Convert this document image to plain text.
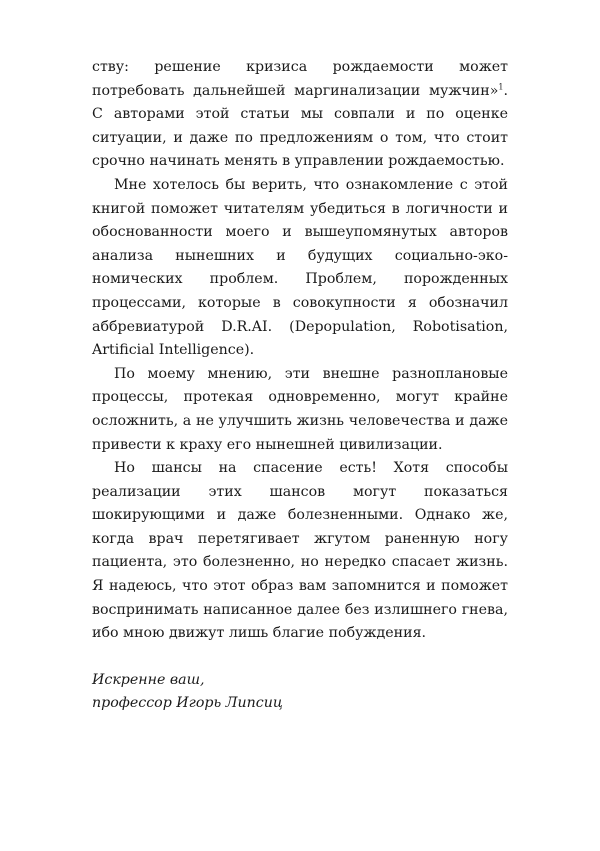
ству: решение кризиса рождаемости может потребовать дальнейшей маргинализации мужчин»$^1$. С авторами этой статьи мы совпали и по оценке ситуации, и даже по предложениям о том, что стоит срочно начинать менять в управлении рождаемостью.

Мне хотелось бы верить, что ознакомление с этой книгой поможет читателям убедиться в логичности и обоснованности моего и вышеупомянутых авторов анализа нынешних и будущих социально-экономических проблем. Проблем, порожденных процессами, которые в совокупности я обозначил аббревиатурой D.R.AI. (Depopulation, Robotisation, Artificial Intelligence).

По моему мнению, эти внешне разноплановые процессы, протекая одновременно, могут крайне осложнить, а не улучшить жизнь человечества и даже привести к краху его нынешней цивилизации.

Но шансы на спасение есть! Хотя способы реализации этих шансов могут показаться шокирующими и даже болезненными. Однако же, когда врач перетягивает жгутом раненную ногу пациента, это болезненно, но нередко спасает жизнь. Я надеюсь, что этот образ вам запомнится и поможет воспринимать написанное далее без излишнего гнева, ибо мною движут лишь благие побуждения.

Искренне ваш,
профессор Игорь Липсиц
